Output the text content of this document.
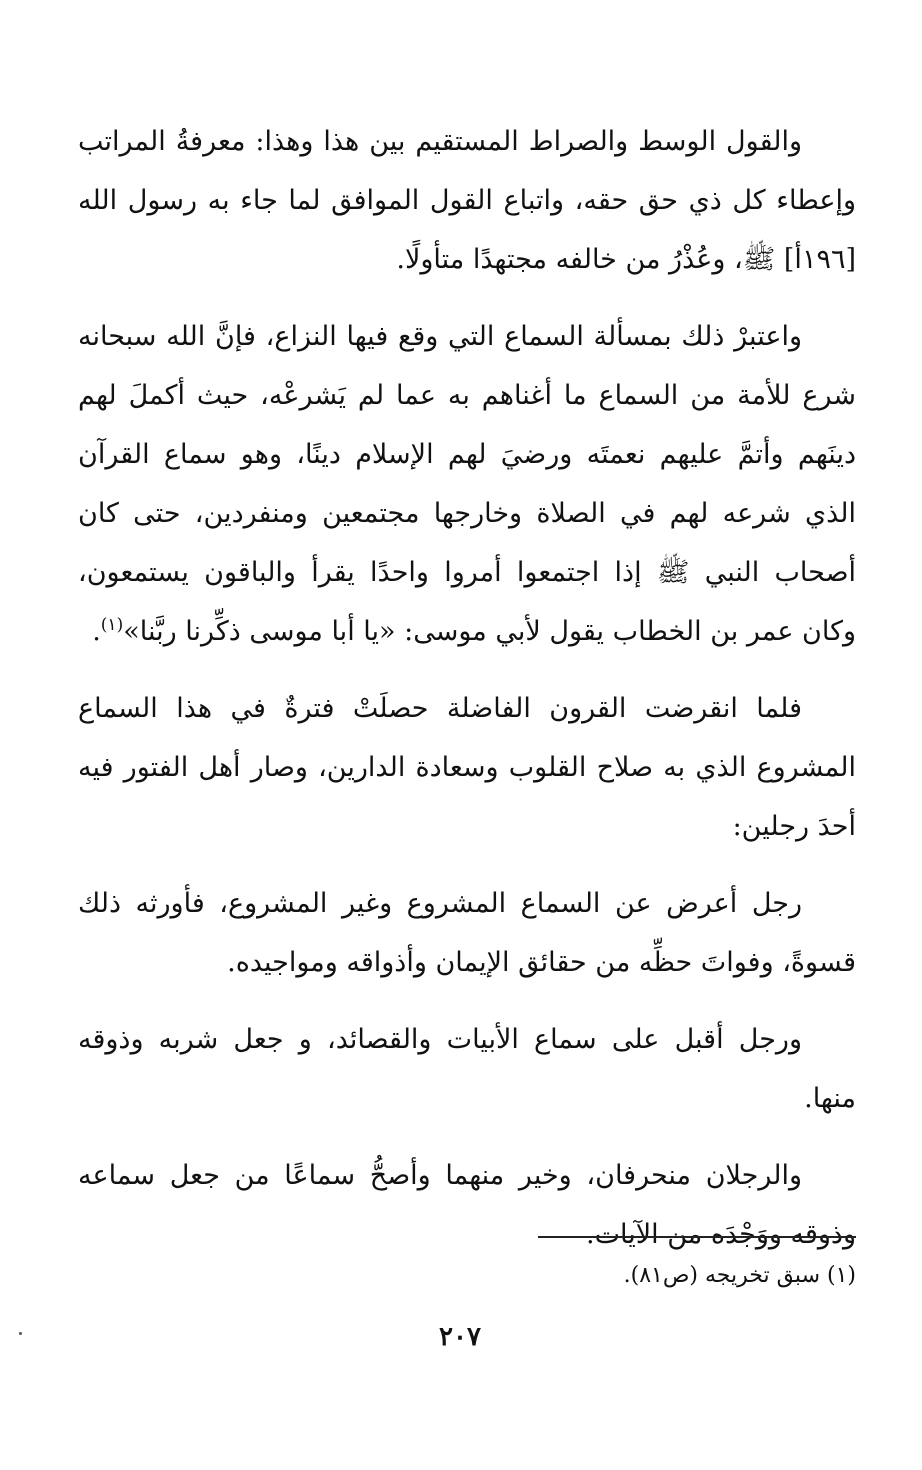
والقول الوسط والصراط المستقيم بين هذا وهذا: معرفةُ المراتب وإعطاء كل ذي حق حقه، واتباع القول الموافق لما جاء به رسول الله [١٩٦أ] ﷺ، وعُذْرُ من خالفه مجتهدًا متأولًا.

واعتبرْ ذلك بمسألة السماع التي وقع فيها النزاع، فإنَّ الله سبحانه شرع للأمة من السماع ما أغناهم به عما لم يَشرعْه، حيث أكملَ لهم دينَهم وأتمَّ عليهم نعمتَه ورضيَ لهم الإسلام دينًا، وهو سماع القرآن الذي شرعه لهم في الصلاة وخارجها مجتمعين ومنفردين، حتى كان أصحاب النبي ﷺ إذا اجتمعوا أمروا واحدًا يقرأ والباقون يستمعون، وكان عمر بن الخطاب يقول لأبي موسى: «يا أبا موسى ذكِّرنا ربَّنا»$^{(١)}$.

فلما انقرضت القرون الفاضلة حصلَتْ فترةٌ في هذا السماع المشروع الذي به صلاح القلوب وسعادة الدارين، وصار أهل الفتور فيه أحدَ رجلين:

رجل أعرض عن السماع المشروع وغير المشروع، فأورثه ذلك قسوةً، وفواتَ حظِّه من حقائق الإيمان وأذواقه ومواجيده.

ورجل أقبل على سماع الأبيات والقصائد، و جعل شربه وذوقه منها.

والرجلان منحرفان، وخير منهما وأصحُّ سماعًا من جعل سماعه وذوقه ووَجْدَه من الآيات.

(١) سبق تخريجه (ص٨١).

٢٠٧
